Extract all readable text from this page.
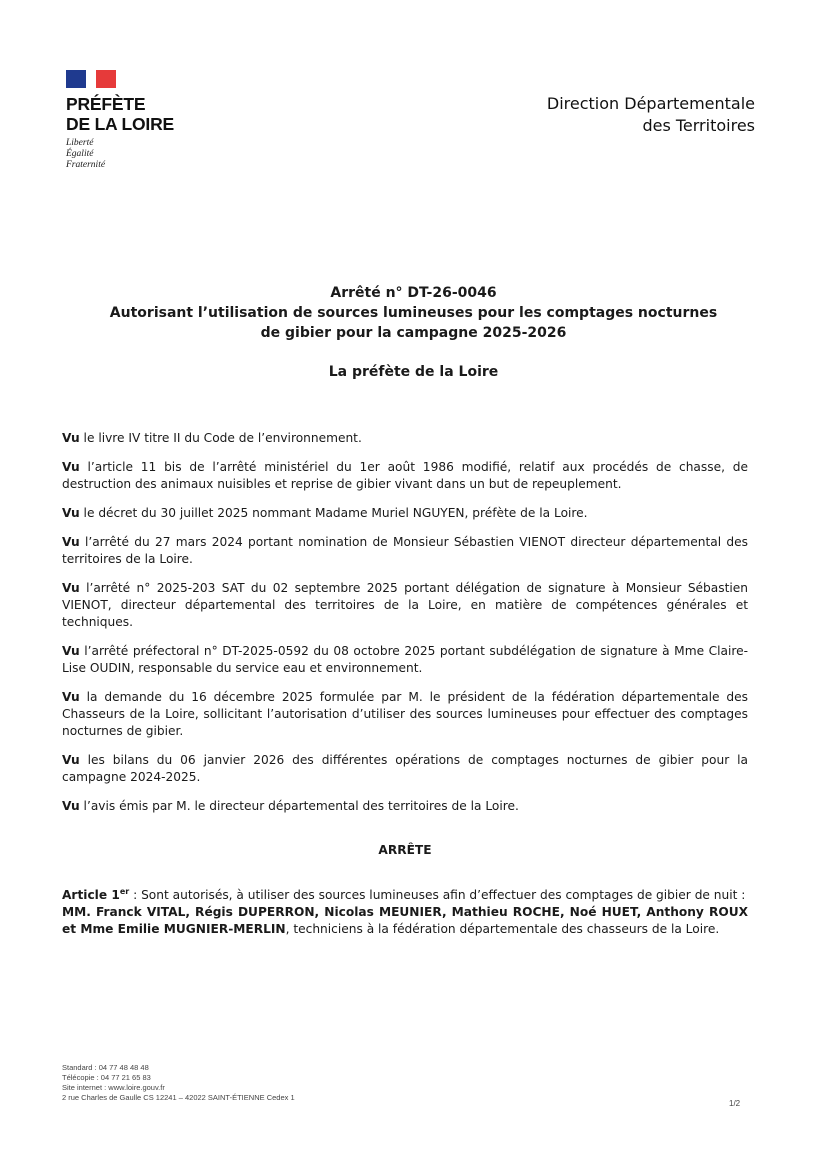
PRÉFÈTE
DE LA LOIRE
Liberté
Égalité
Fraternité
Direction Départementale
des Territoires
Arrêté n° DT-26-0046
Autorisant l’utilisation de sources lumineuses pour les comptages nocturnes
de gibier pour la campagne 2025-2026
La préfète de la Loire

Vu le livre IV titre II du Code de l’environnement.

Vu l’article 11 bis de l’arrêté ministériel du 1er août 1986 modifié, relatif aux procédés de chasse, de destruction des animaux nuisibles et reprise de gibier vivant dans un but de repeuplement.

Vu le décret du 30 juillet 2025 nommant Madame Muriel NGUYEN, préfète de la Loire.

Vu l’arrêté du 27 mars 2024 portant nomination de Monsieur Sébastien VIENOT directeur départemental des territoires de la Loire.

Vu l’arrêté n° 2025-203 SAT du 02 septembre 2025 portant délégation de signature à Monsieur Sébastien VIENOT, directeur départemental des territoires de la Loire, en matière de compétences générales et techniques.

Vu l’arrêté préfectoral n° DT-2025-0592 du 08 octobre 2025 portant subdélégation de signature à Mme Claire-Lise OUDIN, responsable du service eau et environnement.

Vu la demande du 16 décembre 2025 formulée par M. le président de la fédération départementale des Chasseurs de la Loire, sollicitant l’autorisation d’utiliser des sources lumineuses pour effectuer des comptages nocturnes de gibier.

Vu les bilans du 06 janvier 2026 des différentes opérations de comptages nocturnes de gibier pour la campagne 2024-2025.

Vu l’avis émis par M. le directeur départemental des territoires de la Loire.

ARRÊTE

Article 1er : Sont autorisés, à utiliser des sources lumineuses afin d’effectuer des comptages de gibier de nuit :
MM. Franck VITAL, Régis DUPERRON, Nicolas MEUNIER, Mathieu ROCHE, Noé HUET, Anthony ROUX et Mme Emilie MUGNIER-MERLIN, techniciens à la fédération départementale des chasseurs de la Loire.

Standard : 04 77 48 48 48
Télécopie : 04 77 21 65 83
Site internet : www.loire.gouv.fr
2 rue Charles de Gaulle CS 12241 – 42022 SAINT-ÉTIENNE Cedex 1
1/2
